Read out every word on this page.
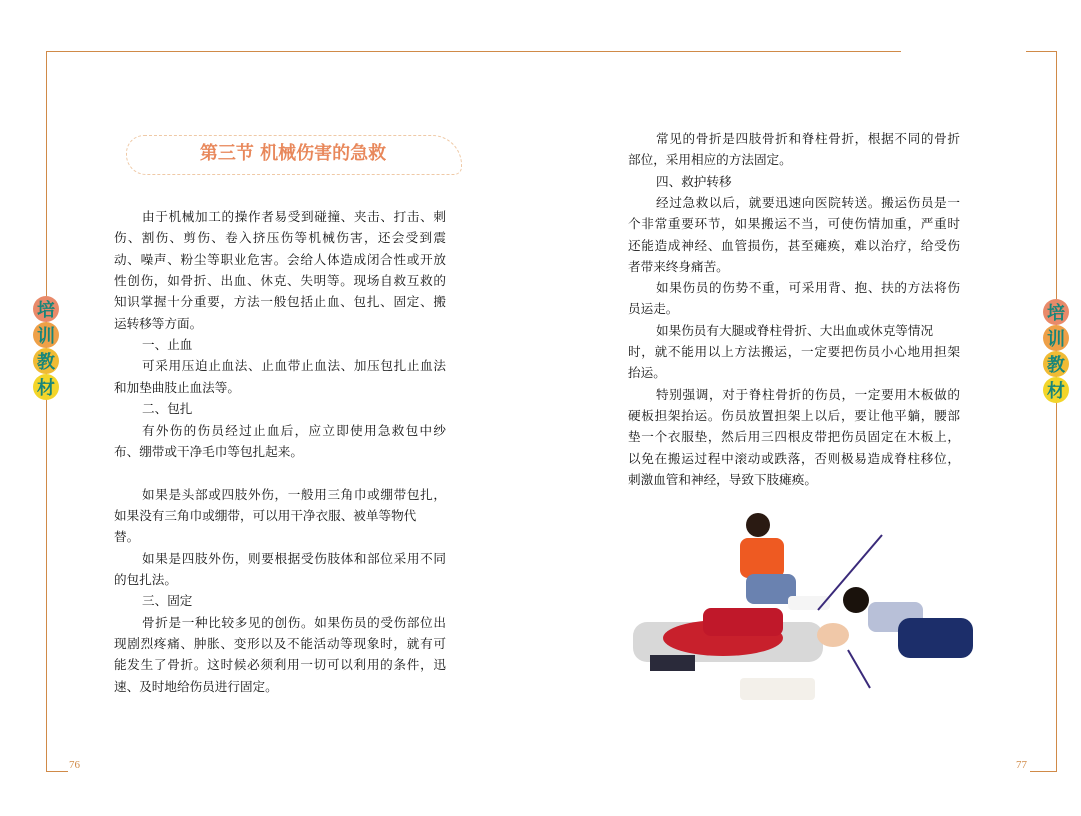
76	77
培
训
教
材
培
训
教
材
第三节 机械伤害的急救
由于机械加工的操作者易受到碰撞、夹击、打击、刺
伤、割伤、剪伤、卷入挤压伤等机械伤害，还会受到震
动、噪声、粉尘等职业危害。会给人体造成闭合性或开放
性创伤，如骨折、出血、休克、失明等。现场自救互救的
知识掌握十分重要，方法一般包括止血、包扎、固定、搬
运转移等方面。
一、止血
可采用压迫止血法、止血带止血法、加压包扎止血法
和加垫曲肢止血法等。
二、包扎
有外伤的伤员经过止血后，应立即使用急救包中纱
布、绷带或干净毛巾等包扎起来。
如果是头部或四肢外伤，一般用三角巾或绷带包扎，
如果没有三角巾或绷带，可以用干净衣服、被单等物代
替。
如果是四肢外伤，则要根据受伤肢体和部位采用不同
的包扎法。
三、固定
骨折是一种比较多见的创伤。如果伤员的受伤部位出
现剧烈疼痛、肿胀、变形以及不能活动等现象时，就有可
能发生了骨折。这时候必须利用一切可以利用的条件，迅
速、及时地给伤员进行固定。
常见的骨折是四肢骨折和脊柱骨折，根据不同的骨折
部位，采用相应的方法固定。
四、救护转移
经过急救以后，就要迅速向医院转送。搬运伤员是一
个非常重要环节，如果搬运不当，可使伤情加重，严重时
还能造成神经、血管损伤，甚至瘫痪，难以治疗，给受伤
者带来终身痛苦。
如果伤员的伤势不重，可采用背、抱、扶的方法将伤
员运走。
如果伤员有大腿或脊柱骨折、大出血或休克等情况
时，就不能用以上方法搬运，一定要把伤员小心地用担架
抬运。
特别强调，对于脊柱骨折的伤员，一定要用木板做的
硬板担架抬运。伤员放置担架上以后，要让他平躺，腰部
垫一个衣服垫，然后用三四根皮带把伤员固定在木板上，
以免在搬运过程中滚动或跌落，否则极易造成脊柱移位，
刺激血管和神经，导致下肢瘫痪。
